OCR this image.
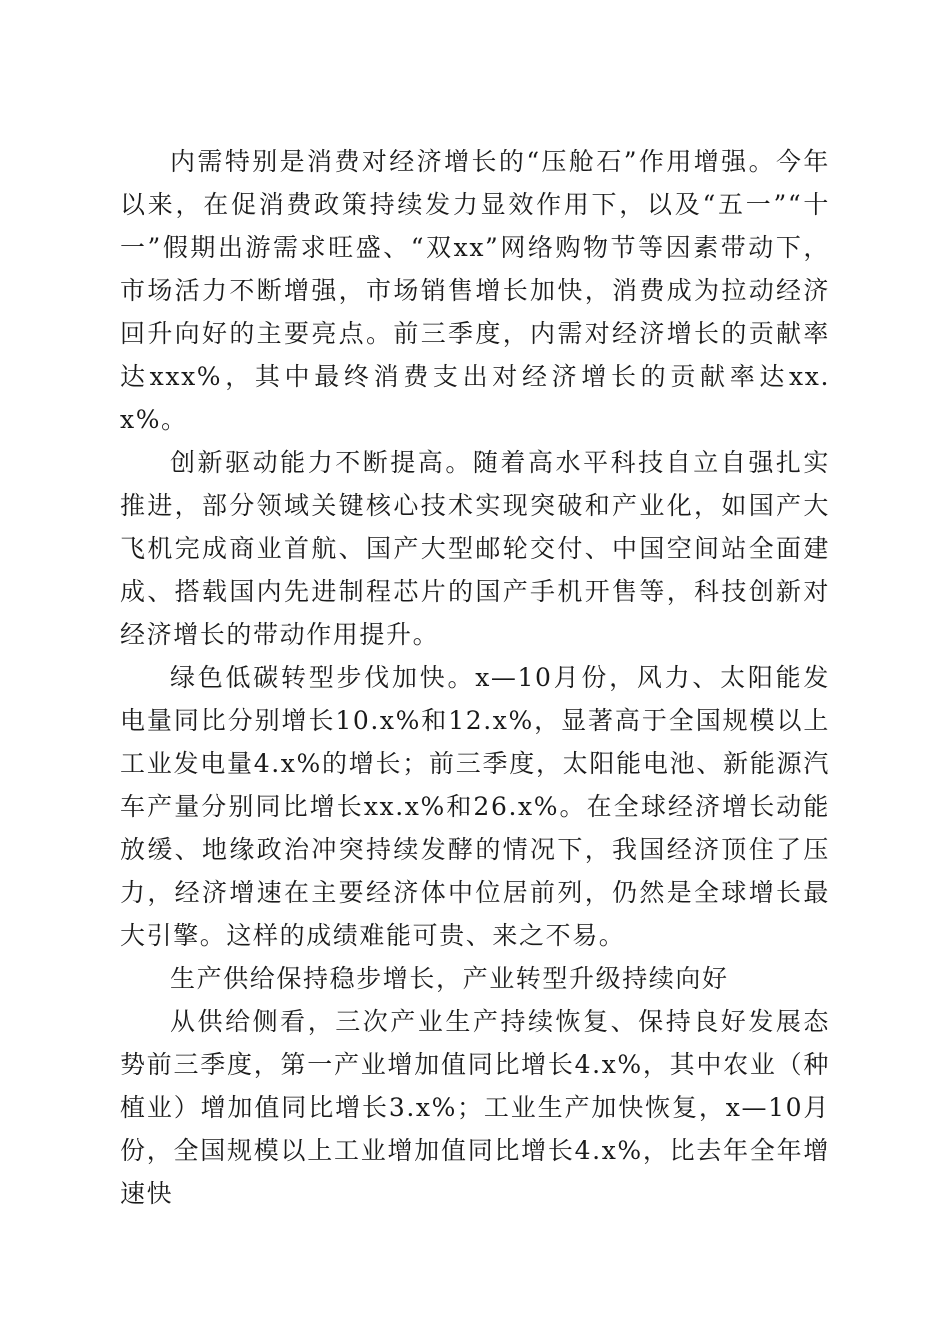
内需特别是消费对经济增长的“压舱石”作用增强。今年以来，在促消费政策持续发力显效作用下，以及“五一”“十一”假期出游需求旺盛、“双xx”网络购物节等因素带动下，市场活力不断增强，市场销售增长加快，消费成为拉动经济回升向好的主要亮点。前三季度，内需对经济增长的贡献率达xxx%，其中最终消费支出对经济增长的贡献率达xx.x%。

创新驱动能力不断提高。随着高水平科技自立自强扎实推进，部分领域关键核心技术实现突破和产业化，如国产大飞机完成商业首航、国产大型邮轮交付、中国空间站全面建成、搭载国内先进制程芯片的国产手机开售等，科技创新对经济增长的带动作用提升。

绿色低碳转型步伐加快。x—10月份，风力、太阳能发电量同比分别增长10.x%和12.x%，显著高于全国规模以上工业发电量4.x%的增长；前三季度，太阳能电池、新能源汽车产量分别同比增长xx.x%和26.x%。在全球经济增长动能放缓、地缘政治冲突持续发酵的情况下，我国经济顶住了压力，经济增速在主要经济体中位居前列，仍然是全球增长最大引擎。这样的成绩难能可贵、来之不易。

生产供给保持稳步增长，产业转型升级持续向好

从供给侧看，三次产业生产持续恢复、保持良好发展态势前三季度，第一产业增加值同比增长4.x%，其中农业（种植业）增加值同比增长3.x%；工业生产加快恢复，x—10月份，全国规模以上工业增加值同比增长4.x%，比去年全年增速快
